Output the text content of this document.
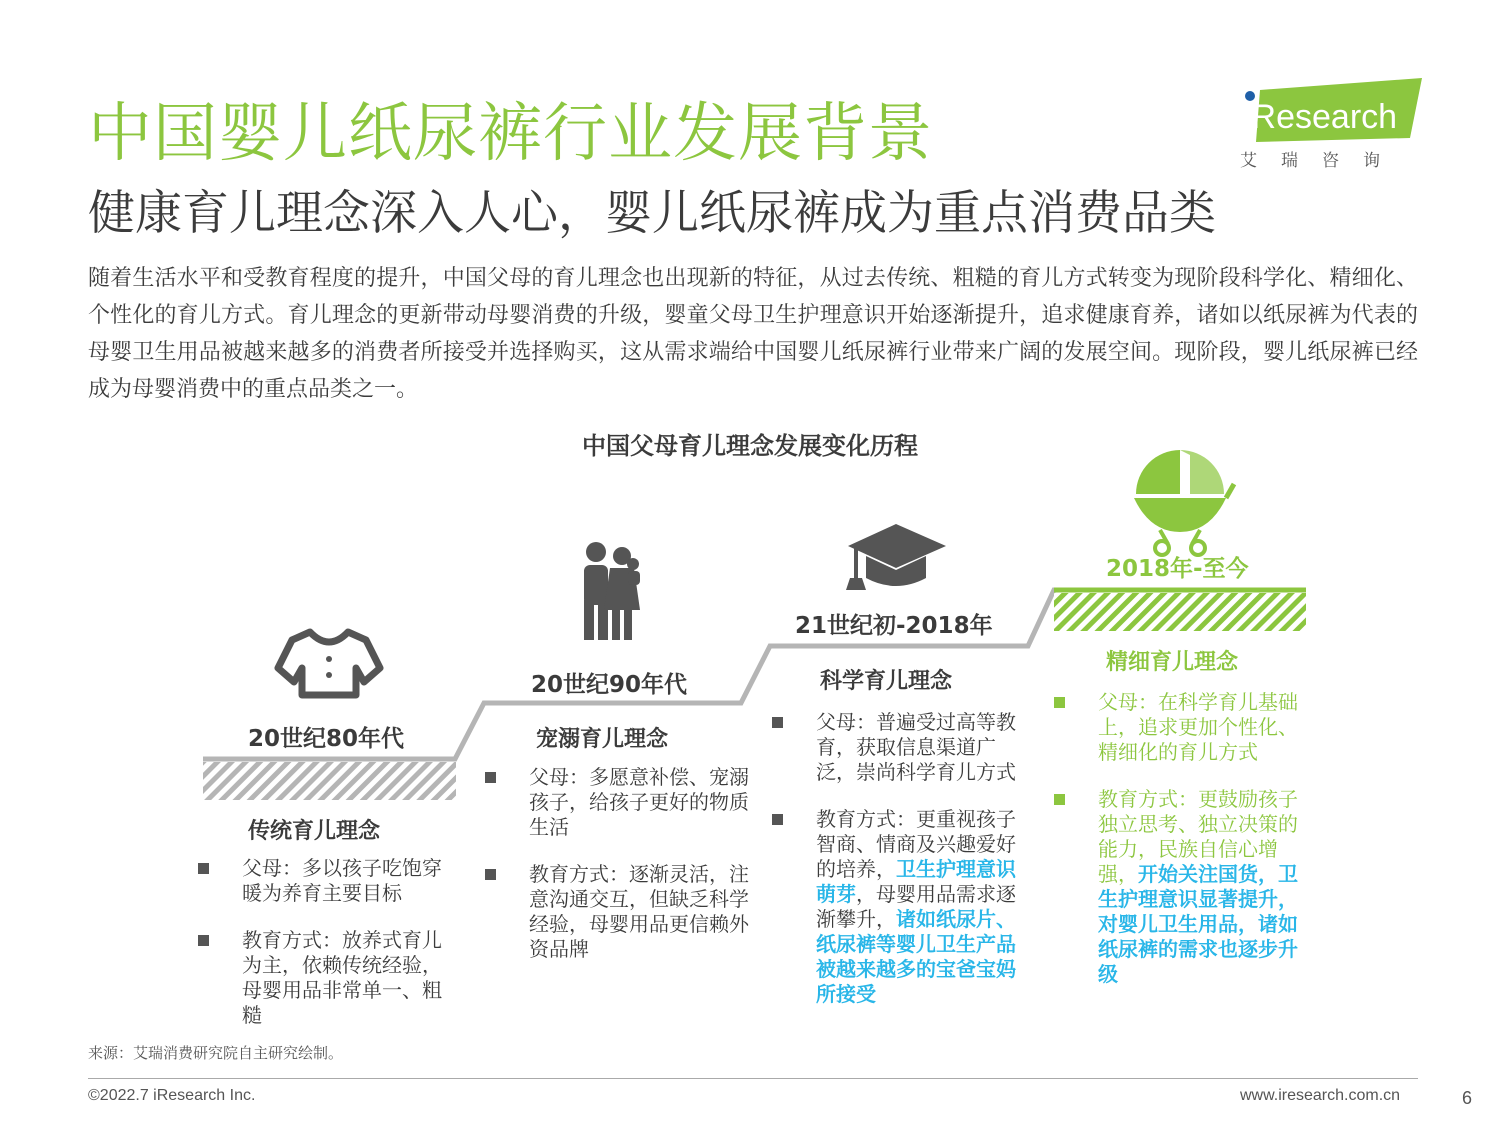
中国婴儿纸尿裤行业发展背景
健康育儿理念深入人心，婴儿纸尿裤成为重点消费品类
随着生活水平和受教育程度的提升，中国父母的育儿理念也出现新的特征，从过去传统、粗糙的育儿方式转变为现阶段科学化、精细化、个性化的育儿方式。育儿理念的更新带动母婴消费的升级，婴童父母卫生护理意识开始逐渐提升，追求健康育养，诸如以纸尿裤为代表的母婴卫生用品被越来越多的消费者所接受并选择购买，这从需求端给中国婴儿纸尿裤行业带来广阔的发展空间。现阶段，婴儿纸尿裤已经成为母婴消费中的重点品类之一。
iResearch
艾瑞咨询
中国父母育儿理念发展变化历程
20世纪80年代
传统育儿理念
父母：多以孩子吃饱穿暖为养育主要目标
教育方式：放养式育儿为主，依赖传统经验，母婴用品非常单一、粗糙
20世纪90年代
宠溺育儿理念
父母：多愿意补偿、宠溺孩子，给孩子更好的物质生活
教育方式：逐渐灵活，注意沟通交互，但缺乏科学经验，母婴用品更信赖外资品牌
21世纪初-2018年
科学育儿理念
父母：普遍受过高等教育，获取信息渠道广泛，崇尚科学育儿方式
教育方式：更重视孩子智商、情商及兴趣爱好的培养，卫生护理意识萌芽，母婴用品需求逐渐攀升，诸如纸尿片、纸尿裤等婴儿卫生产品被越来越多的宝爸宝妈所接受
2018年-至今
精细育儿理念
父母：在科学育儿基础上，追求更加个性化、精细化的育儿方式
教育方式：更鼓励孩子独立思考、独立决策的能力，民族自信心增强，开始关注国货，卫生护理意识显著提升，对婴儿卫生用品，诸如纸尿裤的需求也逐步升级
来源：艾瑞消费研究院自主研究绘制。
©2022.7 iResearch Inc.	www.iresearch.com.cn	6
